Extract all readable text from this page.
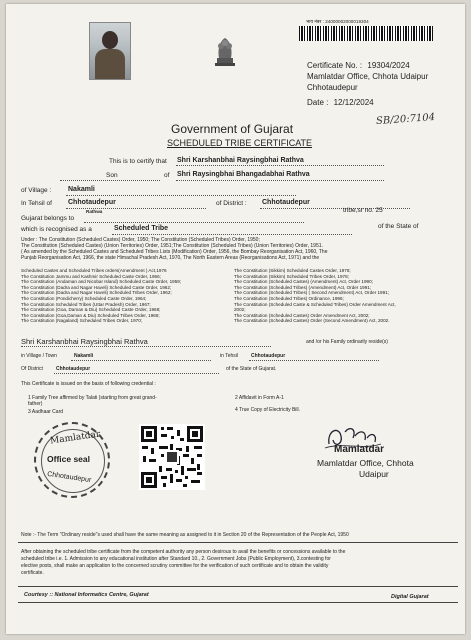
भाय नंबर : 24000002000019304
Certificate No. : 19304/2024
Mamlatdar Office, Chhota Udaipur
Chhotaudepur
Date : 12/12/2024
SB/20:7104
Government of Gujarat
SCHEDULED TRIBE CERTIFICATE
This is to certify that Shri Karshanbhai Raysingbhai Rathva
Son	of Shri Raysingbhai Bhangadabhai Rathva
of Village : Nakamli
In Tehsil of Chhotaudepur	of District : Chhotaudepur
Gujarat belongs to
Rathwa	tribe,sr no. 25
which is recognised as a	Scheduled Tribe	of the State of
Under : The Constitution (Scheduled Castes) Order, 1950; The Constitution (Scheduled Tribes) Order, 1950;
The Constitution (Scheduled Castes) (Union Territories) Order, 1951;The Constitution (Scheduled Tribes) (Union Territories) Order, 1951.
( As amended by the Scheduled Castes and Scheduled Tribes Lists (Modification) Order, 1956, the Bombay Reorganisation Act, 1960, The
Punjab Reorganisation Act, 1966, the state Himachal Pradesh Act, 1970, The North Eastern Areas (Reorganisations Act, 1971) and the
Scheduled Castes and Scheduled Tribes orders(Amendment ) Act,1976
The Constitution Jammu and Kashmir Scheduled Caste Order, 1956;
The Constitution (Andaman and Nicobar Island) Scheduled Caste Order, 1959;
The Constitution (Dadra and Nagar Haveli) Scheduled Caste Order, 1962;
The Constitution (Dadra and Nagar Haveli) Scheduled Tribes Order, 1962;
The Constitution (Pondicherry) Scheduled Caste Order, 1964;
The Constitution Scheduled Tribes (Uttar Pradesh) Order, 1967;
The Constitution (Goa, Daman & Diu) Scheduled Caste Order, 1968;
The Constitution (Goa,Daman & Diu) Scheduled Tribes Order, 1968;
The Constitution (Nagaland) Scheduled Tribes Order, 1970;
The Constitution (Sikkim) Scheduled Castes Order, 1978;
The Constitution (Sikkim) Scheduled Tribes Order, 1978;
The Constitution (Scheduled Castes) (Amendment) Act, Order 1990;
The Constitution (Scheduled Tribes) (Amendment) Act, Order 1991;
The Constitution (Scheduled Tribes) ( Second Amendment) Act, Order 1991;
The Constitution (Scheduled Tribes) Ordinance, 1996;
The Constitution (Scheduled Caste & Scheduled Tribes) Order Amendment Act,
2002;
The Constitution (Scheduled Castes) Order Amendment Act, 2002;
The Constitution (Scheduled Castes) Order (Second Amendment) Act, 2002.
Shri Karshanbhai Raysingbhai Rathva	and /or his Family ordinarily reside(s)
in Village / Town	Nakamli	in Tehsil	Chhotaudepur
Of District	Chhotaudepur	of the State of Gujarat.
This Certificate is issued on the basis of following credential :
1 Family Tree affirmed by Talati (starting from great grand-
father)
2 Affidavit in Form A-1
3 Aadhaar Card	4 True Copy of Electricity Bill.
Mamlatdar
Office seal
Chhotaudepur
Mamlatdar
Mamlatdar Office, Chhota
Udaipur
Note :- The Term "Ordinary reside"s used shall have the same meaning as assigned to it in Section 20 of the Representation of the People Act, 1950
After obtaining the scheduled tribe certificate from the competent authority any person desirous to avail the benefits or concessions available to the
scheduled tribe i.e. 1. Admission to any educational institution after Standard 10., 2. Government Jobs (Public Employment), 3.contesting for
elective posts, shall make an application to the concerned scrutiny committee for the verification of such certificate and to obtain the validity
certificate.
Courtesy :: National Informatics Centre, Gujarat	Digital Gujarat
